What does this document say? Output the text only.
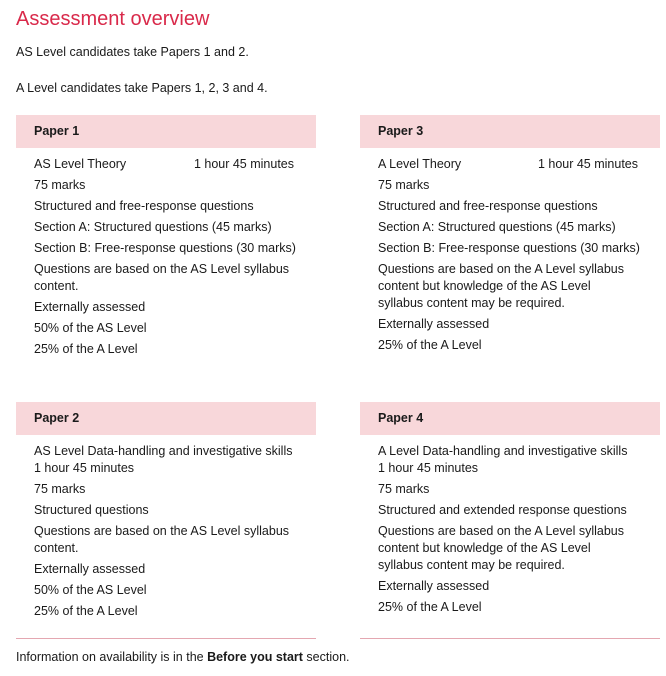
Assessment overview
AS Level candidates take Papers 1 and 2.
A Level candidates take Papers 1, 2, 3 and 4.
Paper 1
AS Level Theory	1 hour 45 minutes
75 marks
Structured and free-response questions
Section A: Structured questions (45 marks)
Section B: Free-response questions (30 marks)
Questions are based on the AS Level syllabus
content.
Externally assessed
50% of the AS Level
25% of the A Level
Paper 3
A Level Theory	1 hour 45 minutes
75 marks
Structured and free-response questions
Section A: Structured questions (45 marks)
Section B: Free-response questions (30 marks)
Questions are based on the A Level syllabus
content but knowledge of the AS Level
syllabus content may be required.
Externally assessed
25% of the A Level
Paper 2
AS Level Data-handling and investigative skills
1 hour 45 minutes
75 marks
Structured questions
Questions are based on the AS Level syllabus
content.
Externally assessed
50% of the AS Level
25% of the A Level
Paper 4
A Level Data-handling and investigative skills
1 hour 45 minutes
75 marks
Structured and extended response questions
Questions are based on the A Level syllabus
content but knowledge of the AS Level
syllabus content may be required.
Externally assessed
25% of the A Level
Information on availability is in the Before you start section.
